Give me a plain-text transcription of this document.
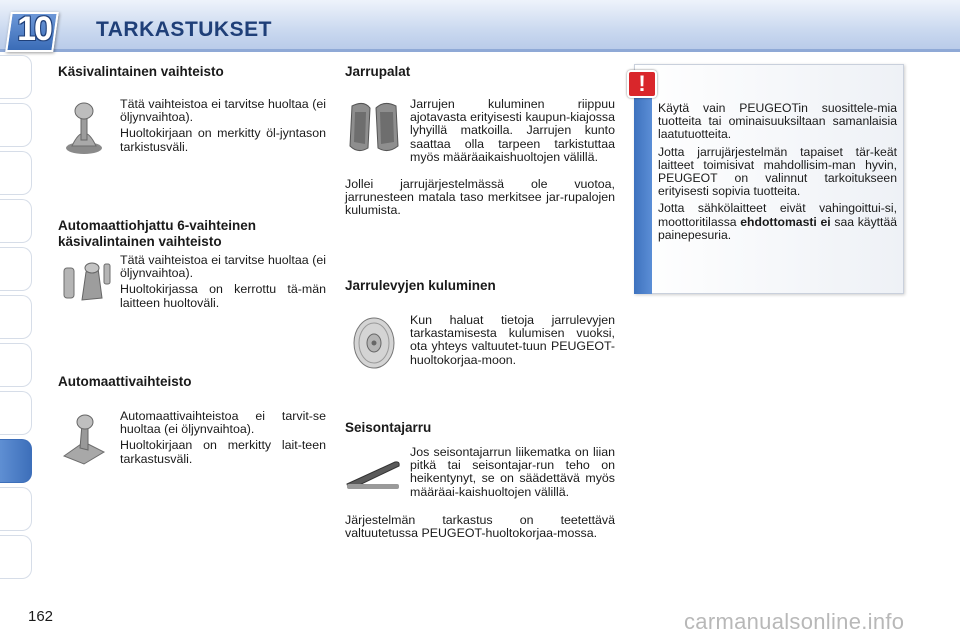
10	TARKASTUKSET
Käsivalintainen vaihteisto

Tätä vaihteistoa ei tarvitse huoltaa (ei öljynvaihtoa).

Huoltokirjaan on merkitty öl-jyntason tarkistusväli.

Automaattiohjattu 6-vaihteinen
käsivalintainen vaihteisto

Tätä vaihteistoa ei tarvitse huoltaa (ei öljynvaihtoa).

Huoltokirjassa on kerrottu tä-män laitteen huoltoväli.

Automaattivaihteisto

Automaattivaihteistoa ei tarvit-se huoltaa (ei öljynvaihtoa).

Huoltokirjaan on merkitty lait-teen tarkastusväli.

Jarrupalat
Jarrujen kuluminen riippuu ajotavasta erityisesti kaupun-kiajossa lyhyillä matkoilla. Jarrujen kunto saattaa olla tarpeen tarkistuttaa myös määräaikaishuoltojen välillä.
Jollei jarrujärjestelmässä ole vuotoa, jarrunesteen matala taso merkitsee jar-rupalojen kulumista.
Jarrulevyjen kuluminen
Kun haluat tietoja jarrulevyjen tarkastamisesta kulumisen vuoksi, ota yhteys valtuutet-tuun PEUGEOT-huoltokorjaa-moon.
Seisontajarru
Jos seisontajarrun liikematka on liian pitkä tai seisontajar-run teho on heikentynyt, se on säädettävä myös määräai-kaishuoltojen välillä.
Järjestelmän tarkastus on teetettävä valtuutetussa PEUGEOT-huoltokorjaa-mossa.
!

Käytä vain PEUGEOTin suosittele-mia tuotteita tai ominaisuuksiltaan samanlaisia laatutuotteita.

Jotta jarrujärjestelmän tapaiset tär-keät laitteet toimisivat mahdollisim-man hyvin, PEUGEOT on valinnut tarkoitukseen erityisesti sopivia tuotteita.

Jotta sähkölaitteet eivät vahingoittui-si, moottoritilassa ehdottomasti ei saa käyttää painepesuria.

162	carmanualsonline.info
